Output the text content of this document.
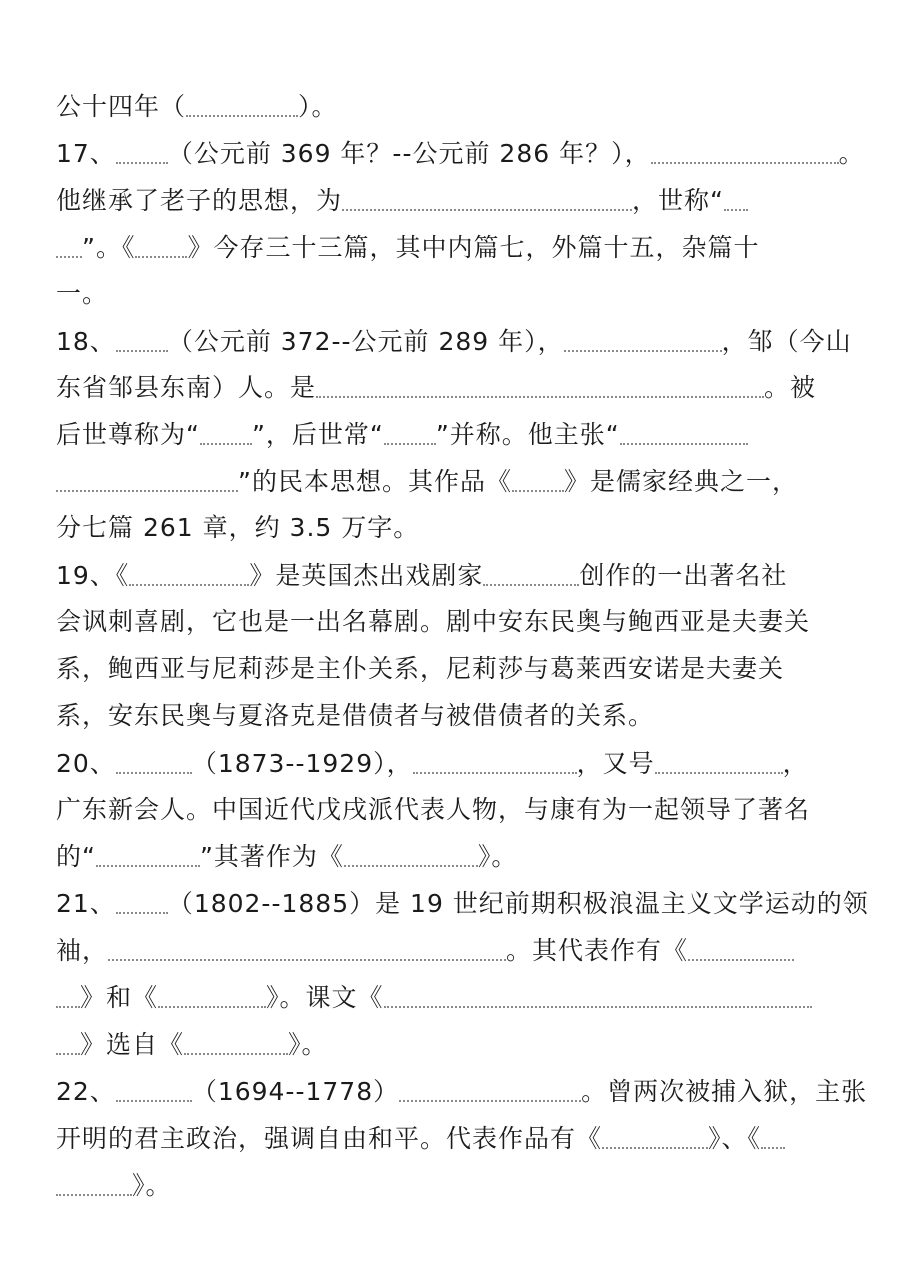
公十四年（	）。
17、 （公元前 369 年？--公元前 286 年？），	。
他继承了老子的思想，为	，世称“
”。《 》今存三十三篇，其中内篇七，外篇十五，杂篇十
一。
18、 （公元前 372--公元前 289 年），	，邹（今山
东省邹县东南）人。是	。被
后世尊称为“ ”，后世常“ ”并称。他主张“
”的民本思想。其作品《 》是儒家经典之一，
分七篇 261 章，约 3.5 万字。
19、《	》是英国杰出戏剧家	创作的一出著名社
会讽刺喜剧，它也是一出名幕剧。剧中安东民奥与鲍西亚是夫妻关
系，鲍西亚与尼莉莎是主仆关系，尼莉莎与葛莱西安诺是夫妻关
系，安东民奥与夏洛克是借债者与被借债者的关系。
20、	（1873--1929），	，又号	，
广东新会人。中国近代戊戌派代表人物，与康有为一起领导了著名
的“	”其著作为《	》。
21、 （1802--1885）是 19 世纪前期积极浪温主义文学运动的领
袖，	。其代表作有《
》和《	》。课文《
》选自《	》。
22、	（1694--1778）	。曾两次被捕入狱，主张
开明的君主政治，强调自由和平。代表作品有《	》、《
》。
